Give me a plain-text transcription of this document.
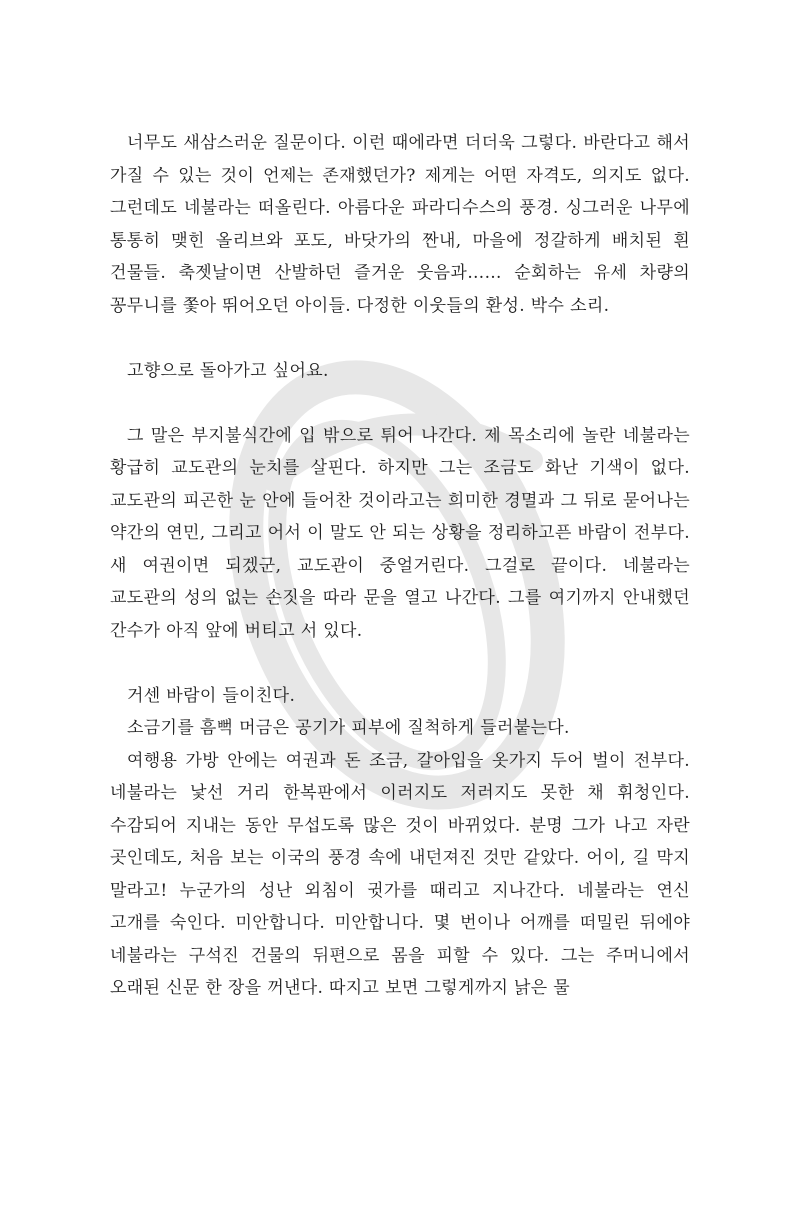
너무도 새삼스러운 질문이다. 이런 때에라면 더더욱 그렇다. 바란다고 해서 가질 수 있는 것이 언제는 존재했던가? 제게는 어떤 자격도, 의지도 없다. 그런데도 네불라는 떠올린다. 아름다운 파라디수스의 풍경. 싱그러운 나무에 통통히 맺힌 올리브와 포도, 바닷가의 짠내, 마을에 정갈하게 배치된 흰 건물들. 축젯날이면 산발하던 즐거운 웃음과…… 순회하는 유세 차량의 꽁무니를 쫓아 뛰어오던 아이들. 다정한 이웃들의 환성. 박수 소리.

고향으로 돌아가고 싶어요.

그 말은 부지불식간에 입 밖으로 튀어 나간다. 제 목소리에 놀란 네불라는 황급히 교도관의 눈치를 살핀다. 하지만 그는 조금도 화난 기색이 없다. 교도관의 피곤한 눈 안에 들어찬 것이라고는 희미한 경멸과 그 뒤로 묻어나는 약간의 연민, 그리고 어서 이 말도 안 되는 상황을 정리하고픈 바람이 전부다. 새 여권이면 되겠군, 교도관이 중얼거린다. 그걸로 끝이다. 네불라는 교도관의 성의 없는 손짓을 따라 문을 열고 나간다. 그를 여기까지 안내했던 간수가 아직 앞에 버티고 서 있다.

거센 바람이 들이친다.

소금기를 흠뻑 머금은 공기가 피부에 질척하게 들러붙는다.

여행용 가방 안에는 여권과 돈 조금, 갈아입을 옷가지 두어 벌이 전부다. 네불라는 낯선 거리 한복판에서 이러지도 저러지도 못한 채 휘청인다. 수감되어 지내는 동안 무섭도록 많은 것이 바뀌었다. 분명 그가 나고 자란 곳인데도, 처음 보는 이국의 풍경 속에 내던져진 것만 같았다. 어이, 길 막지 말라고! 누군가의 성난 외침이 귓가를 때리고 지나간다. 네불라는 연신 고개를 숙인다. 미안합니다. 미안합니다. 몇 번이나 어깨를 떠밀린 뒤에야 네불라는 구석진 건물의 뒤편으로 몸을 피할 수 있다. 그는 주머니에서 오래된 신문 한 장을 꺼낸다. 따지고 보면 그렇게까지 낡은 물
